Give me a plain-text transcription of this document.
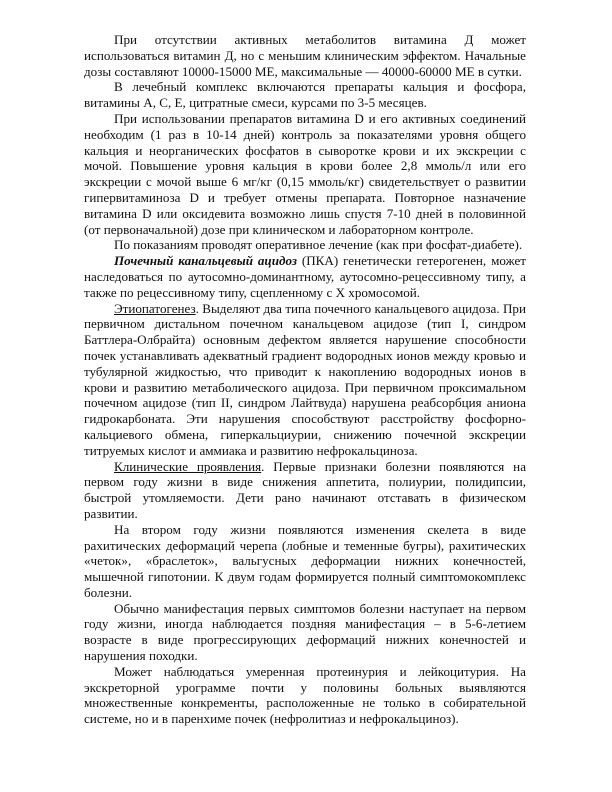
При отсутствии активных метаболитов витамина Д может использоваться витамин Д, но с меньшим клиническим эффектом. Начальные дозы составляют 10000-15000 МЕ, максимальные — 40000-60000 МЕ в сутки.

В лечебный комплекс включаются препараты кальция и фосфора, витамины А, С, Е, цитратные смеси, курсами по 3-5 месяцев.

При использовании препаратов витамина D и его активных соединений необходим (1 раз в 10-14 дней) контроль за показателями уровня общего кальция и неорганических фосфатов в сыворотке крови и их экскреции с мочой. Повышение уровня кальция в крови более 2,8 ммоль/л или его экскреции с мочой выше 6 мг/кг (0,15 ммоль/кг) свидетельствует о развитии гипервитаминоза D и требует отмены препарата. Повторное назначение витамина D или оксидевита возможно лишь спустя 7-10 дней в половинной (от первоначальной) дозе при клиническом и лабораторном контроле.

По показаниям проводят оперативное лечение (как при фосфат-диабете).

Почечный канальцевый ацидоз (ПКА) генетически гетерогенен, может наследоваться по аутосомно-доминантному, аутосомно-рецессивному типу, а также по рецессивному типу, сцепленному с Х хромосомой.

Этиопатогенез. Выделяют два типа почечного канальцевого ацидоза. При первичном дистальном почечном канальцевом ацидозе (тип I, синдром Баттлера-Олбрайта) основным дефектом является нарушение способности почек устанавливать адекватный градиент водородных ионов между кровью и тубулярной жидкостью, что приводит к накоплению водородных ионов в крови и развитию метаболического ацидоза. При первичном проксимальном почечном ацидозе (тип II, синдром Лайтвуда) нарушена реабсорбция аниона гидрокарбоната. Эти нарушения способствуют расстройству фосфорно-кальциевого обмена, гиперкальциурии, снижению почечной экскреции титруемых кислот и аммиака и развитию нефрокальциноза.

Клинические проявления. Первые признаки болезни появляются на первом году жизни в виде снижения аппетита, полиурии, полидипсии, быстрой утомляемости. Дети рано начинают отставать в физическом развитии.

На втором году жизни появляются изменения скелета в виде рахитических деформаций черепа (лобные и теменные бугры), рахитических «четок», «браслеток», вальгусных деформации нижних конечностей, мышечной гипотонии. К двум годам формируется полный симптомокомплекс болезни.

Обычно манифестация первых симптомов болезни наступает на первом году жизни, иногда наблюдается поздняя манифестация – в 5-6-летием возрасте в виде прогрессирующих деформаций нижних конечностей и нарушения походки.

Может наблюдаться умеренная протеинурия и лейкоцитурия. На экскреторной урограмме почти у половины больных выявляются множественные конкременты, расположенные не только в собирательной системе, но и в паренхиме почек (нефролитиаз и нефрокальциноз).
